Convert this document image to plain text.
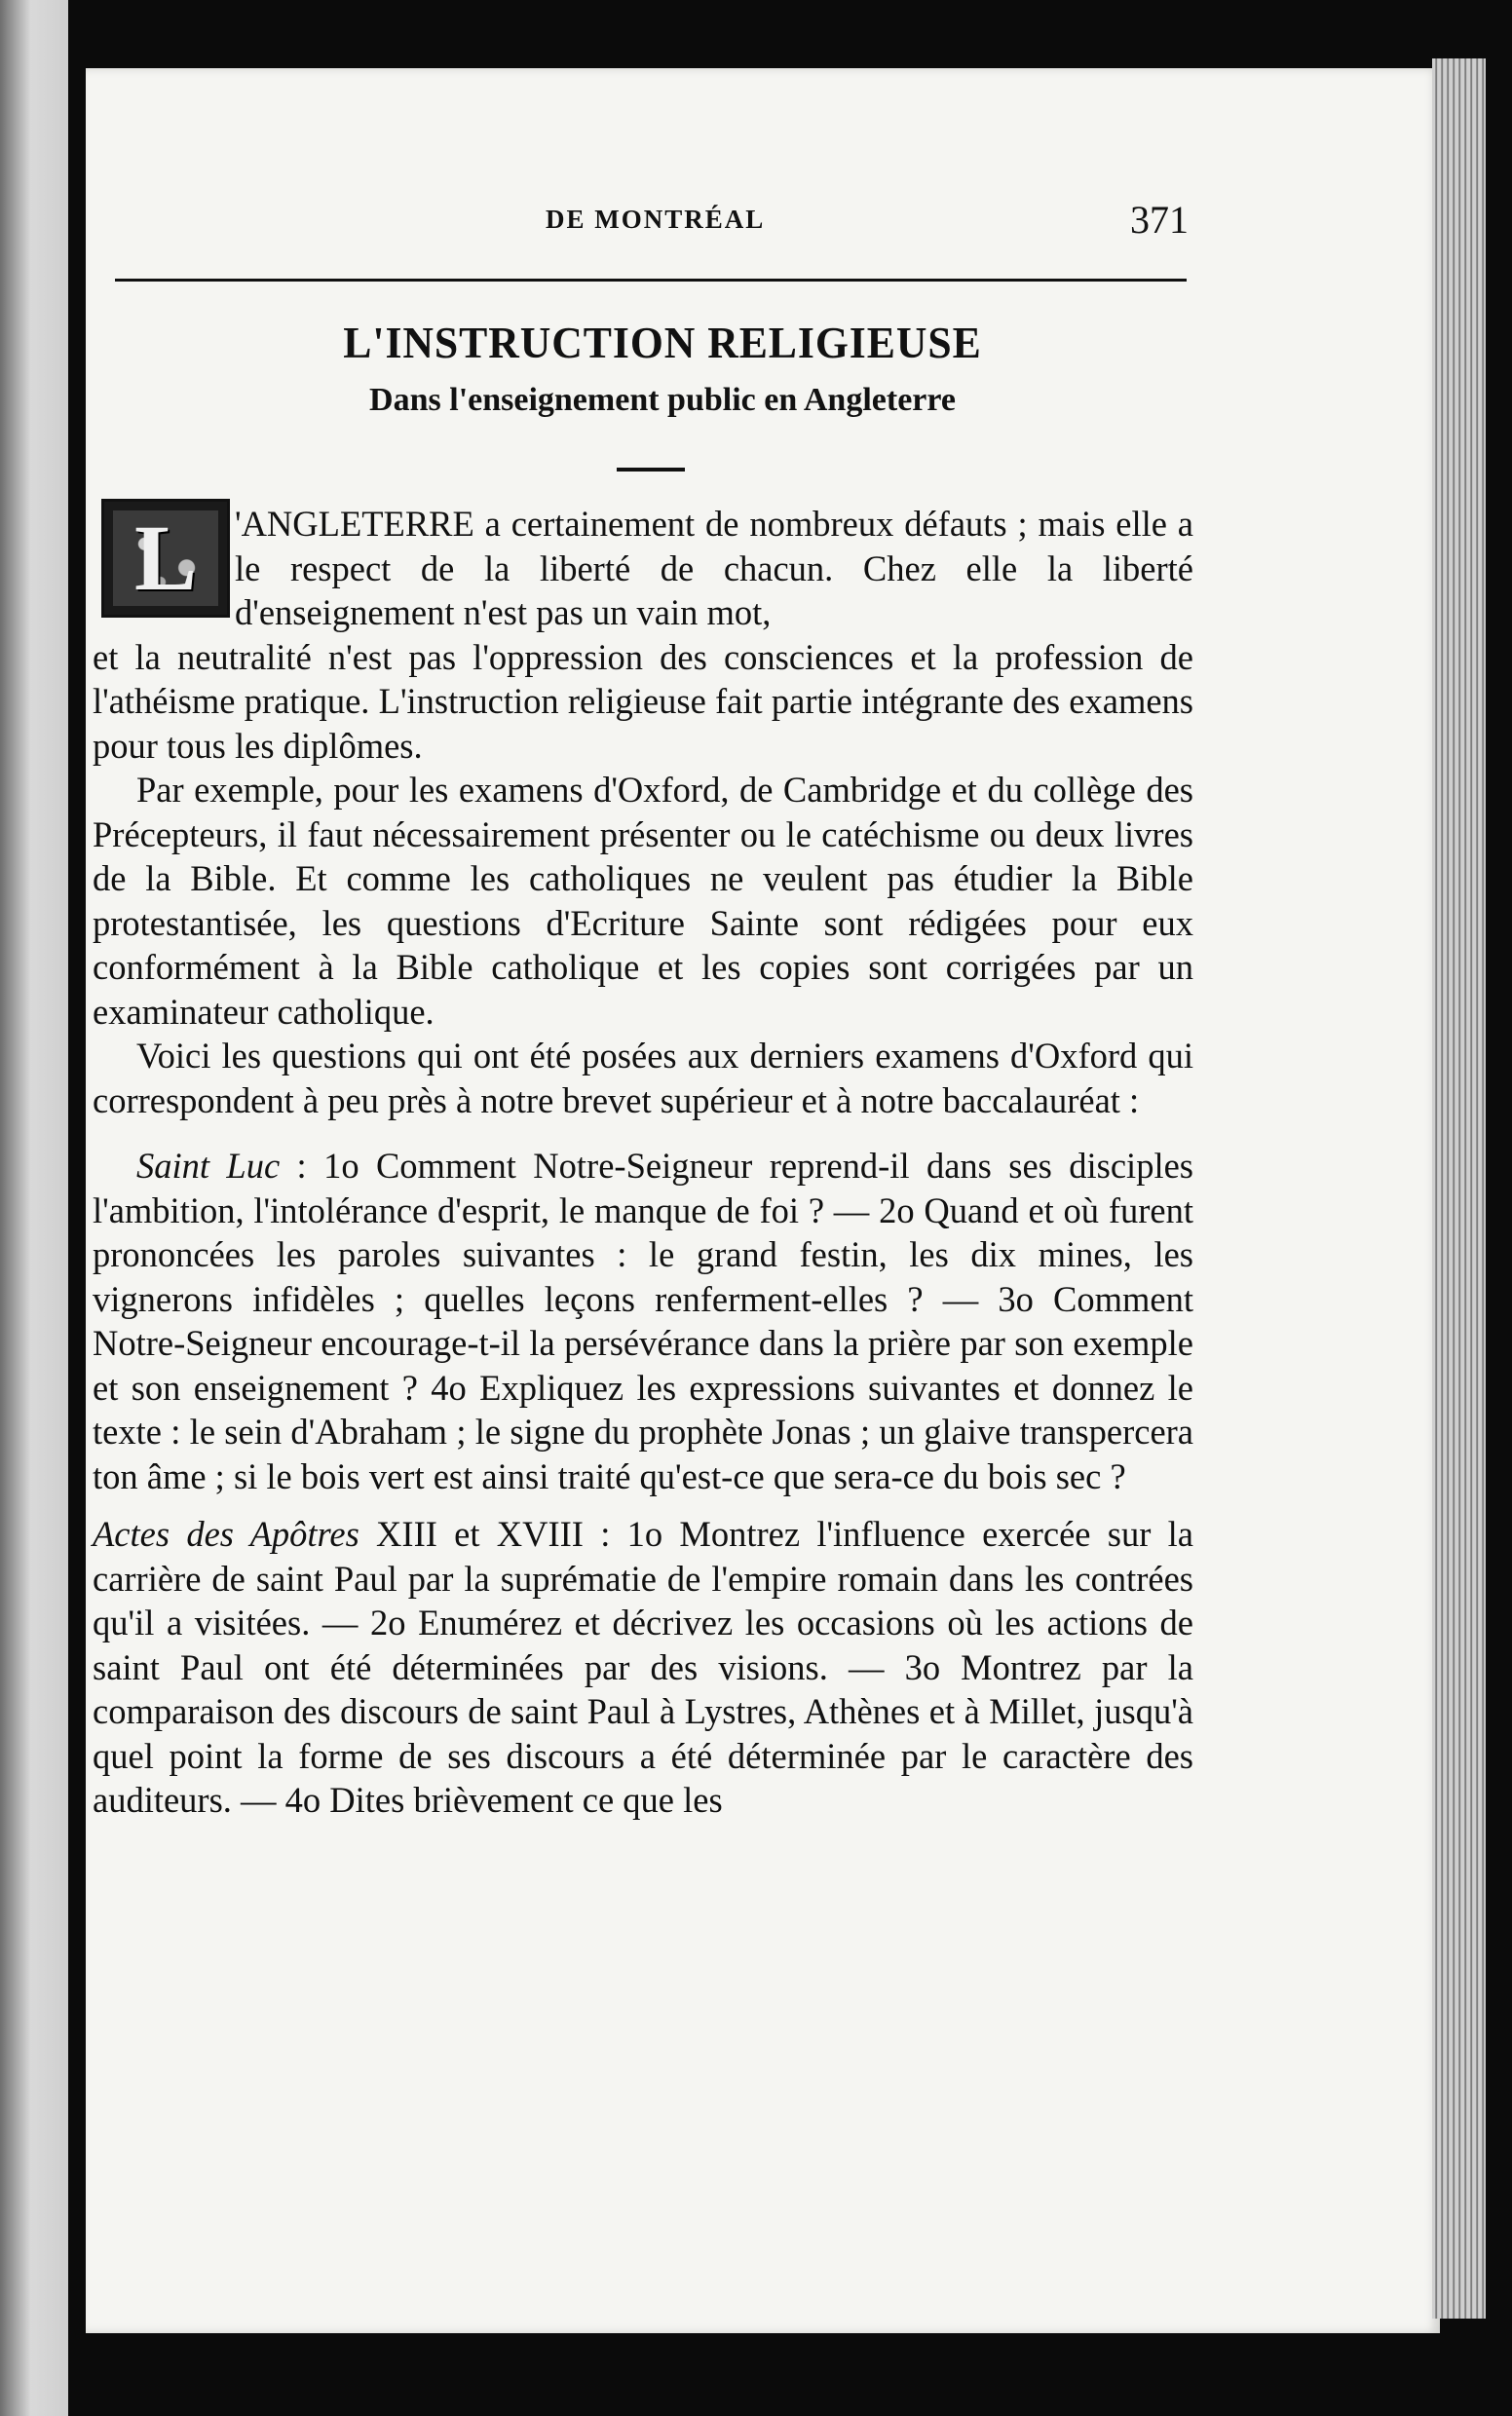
DE MONTRÉAL	371
L'INSTRUCTION RELIGIEUSE
Dans l'enseignement public en Angleterre
L	'ANGLETERRE a certainement de nombreux défauts ; mais elle a le respect de la liberté de chacun. Chez elle la liberté d'enseignement n'est pas un vain mot,

et la neutralité n'est pas l'oppression des consciences et la profession de l'athéisme pratique. L'instruction religieuse fait partie intégrante des examens pour tous les diplômes.

Par exemple, pour les examens d'Oxford, de Cambridge et du collège des Précepteurs, il faut nécessairement présenter ou le catéchisme ou deux livres de la Bible. Et comme les catholiques ne veulent pas étudier la Bible protestantisée, les questions d'Ecriture Sainte sont rédigées pour eux conformément à la Bible catholique et les copies sont corrigées par un examinateur catholique.

Voici les questions qui ont été posées aux derniers examens d'Oxford qui correspondent à peu près à notre brevet supérieur et à notre baccalauréat :

Saint Luc : 1o Comment Notre-Seigneur reprend-il dans ses disciples l'ambition, l'intolérance d'esprit, le manque de foi ? — 2o Quand et où furent prononcées les paroles suivantes : le grand festin, les dix mines, les vignerons infidèles ; quelles leçons renferment-elles ? — 3o Comment Notre-Seigneur encourage-t-il la persévérance dans la prière par son exemple et son enseignement ? 4o Expliquez les expressions suivantes et donnez le texte : le sein d'Abraham ; le signe du prophète Jonas ; un glaive transpercera ton âme ; si le bois vert est ainsi traité qu'est-ce que sera-ce du bois sec ?

Actes des Apôtres XIII et XVIII : 1o Montrez l'influence exercée sur la carrière de saint Paul par la suprématie de l'empire romain dans les contrées qu'il a visitées. — 2o Enumérez et décrivez les occasions où les actions de saint Paul ont été déterminées par des visions. — 3o Montrez par la comparaison des discours de saint Paul à Lystres, Athènes et à Millet, jusqu'à quel point la forme de ses discours a été déterminée par le caractère des auditeurs. — 4o Dites brièvement ce que les
